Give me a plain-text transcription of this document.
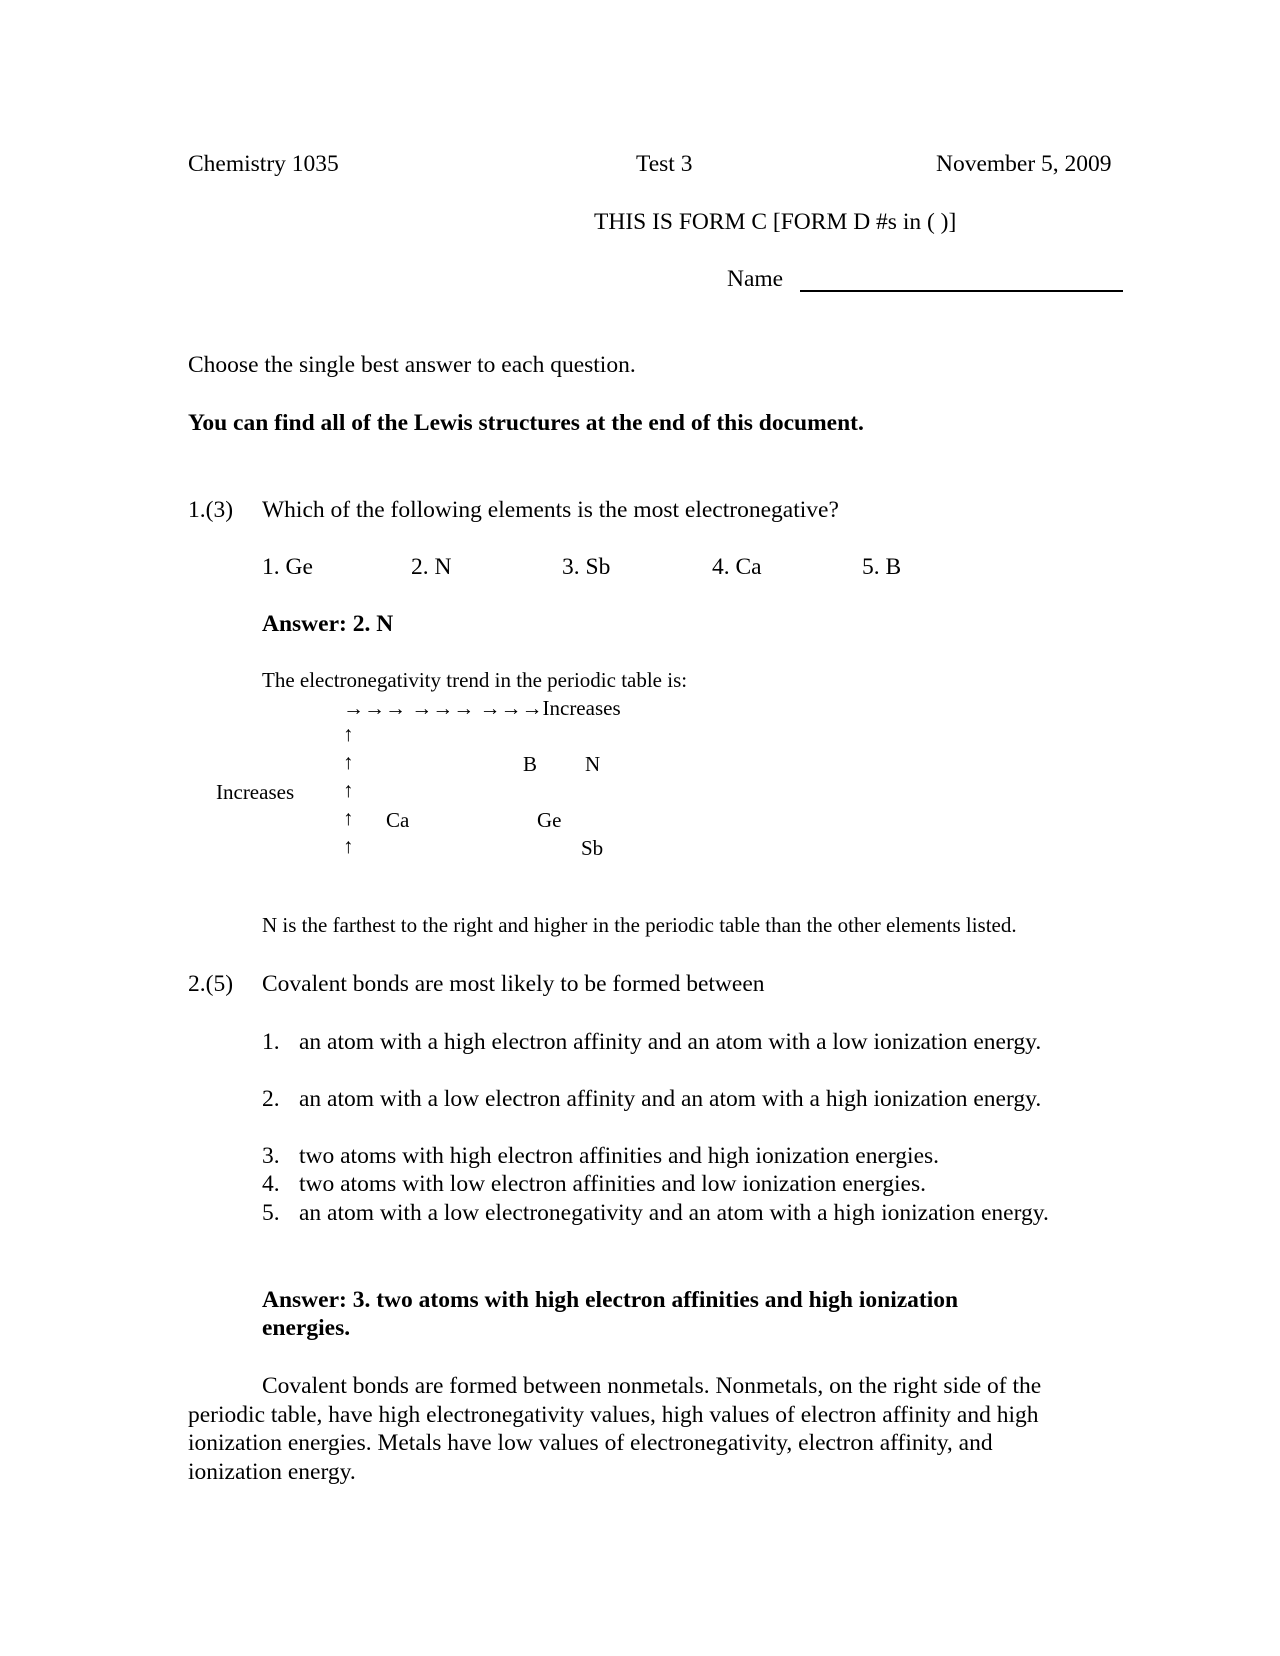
Chemistry 1035	Test 3	November 5, 2009
THIS IS FORM C [FORM D #s in ( )]
Name
Choose the single best answer to each question.
You can find all of the Lewis structures at the end of this document.
1.(3) Which of the following elements is the most electronegative?
1. Ge	2. N	3. Sb	4. Ca	5. B
Answer: 2. N
The electronegativity trend in the periodic table is:
→→→ →→→ →→→Increases
↑
↑
↑
↑
↑
Increases
B N
Ca	Ge
Sb
N is the farthest to the right and higher in the periodic table than the other elements listed.
2.(5) Covalent bonds are most likely to be formed between
1. an atom with a high electron affinity and an atom with a low ionization energy.
2. an atom with a low electron affinity and an atom with a high ionization energy.
3. two atoms with high electron affinities and high ionization energies.
4. two atoms with low electron affinities and low ionization energies.
5. an atom with a low electronegativity and an atom with a high ionization energy.
Answer: 3. two atoms with high electron affinities and high ionization
energies.
Covalent bonds are formed between nonmetals. Nonmetals, on the right side of the periodic table, have high electronegativity values, high values of electron affinity and high ionization energies. Metals have low values of electronegativity, electron affinity, and ionization energy.
